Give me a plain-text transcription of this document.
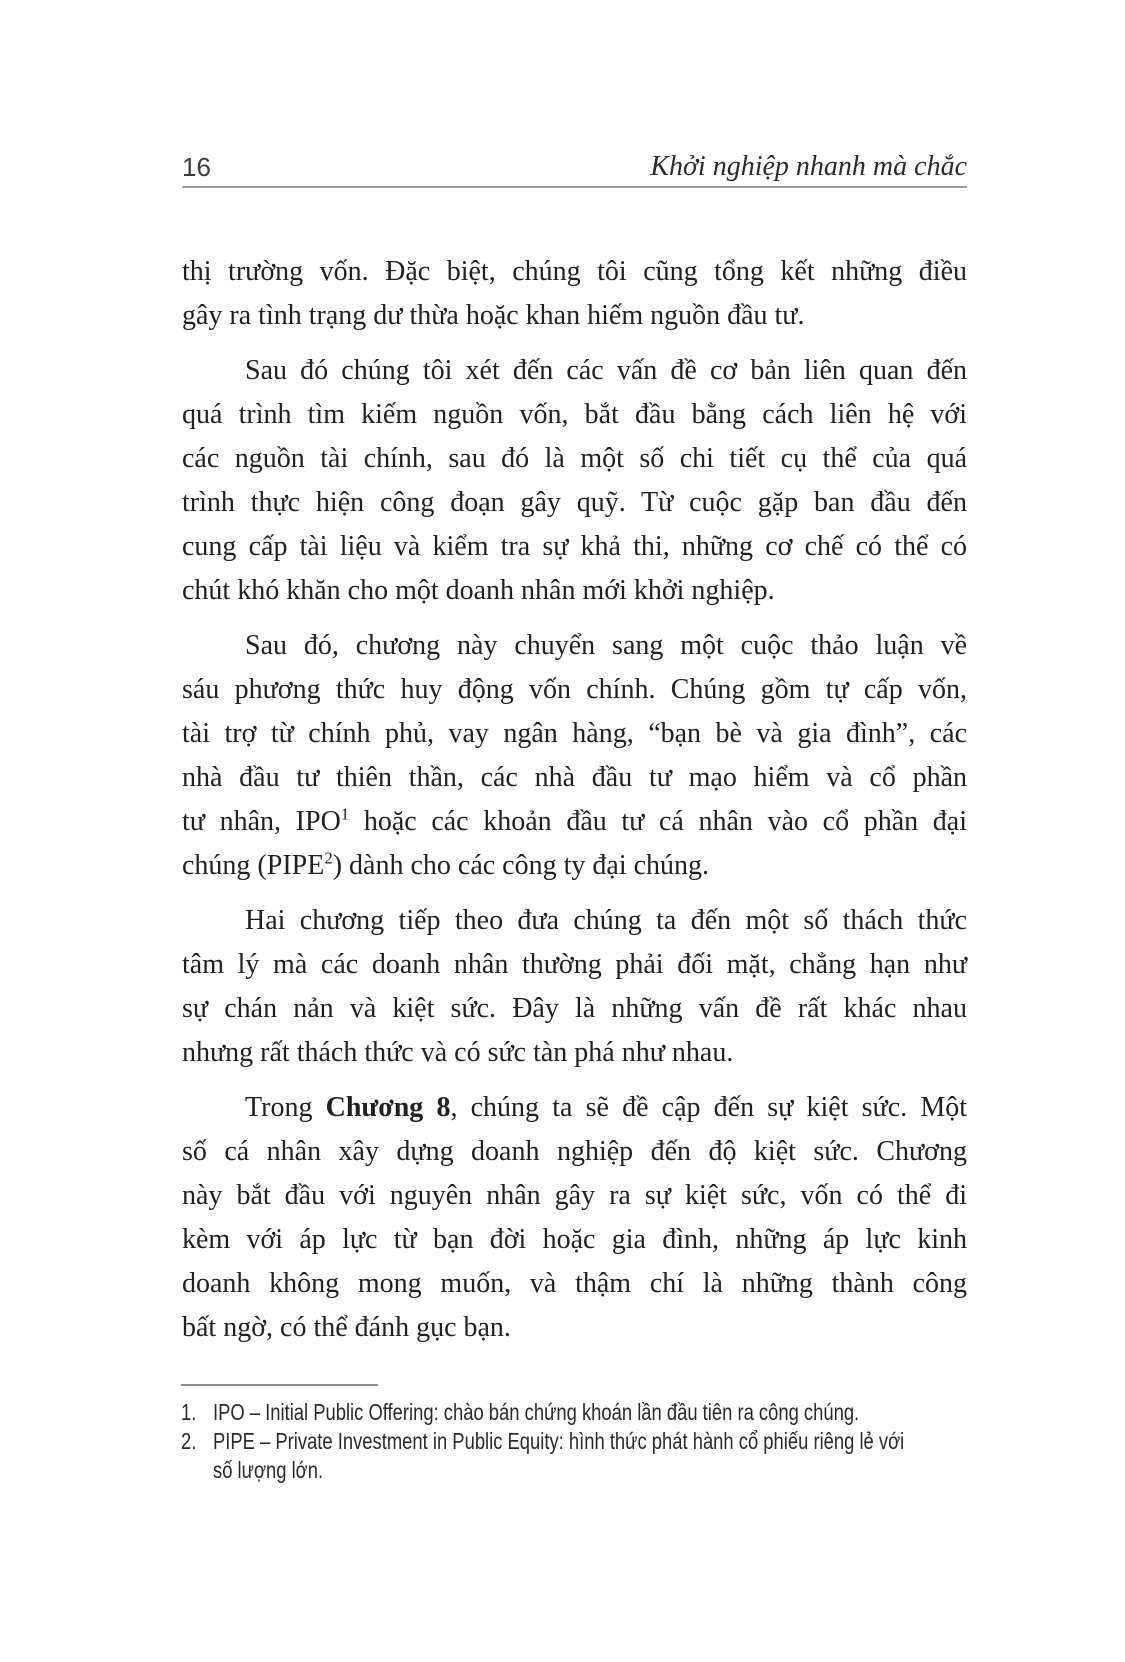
16	Khởi nghiệp nhanh mà chắc

thị trường vốn. Đặc biệt, chúng tôi cũng tổng kết những điều
gây ra tình trạng dư thừa hoặc khan hiếm nguồn đầu tư.

Sau đó chúng tôi xét đến các vấn đề cơ bản liên quan đến
quá trình tìm kiếm nguồn vốn, bắt đầu bằng cách liên hệ với
các nguồn tài chính, sau đó là một số chi tiết cụ thể của quá
trình thực hiện công đoạn gây quỹ. Từ cuộc gặp ban đầu đến
cung cấp tài liệu và kiểm tra sự khả thi, những cơ chế có thể có
chút khó khăn cho một doanh nhân mới khởi nghiệp.

Sau đó, chương này chuyển sang một cuộc thảo luận về
sáu phương thức huy động vốn chính. Chúng gồm tự cấp vốn,
tài trợ từ chính phủ, vay ngân hàng, “bạn bè và gia đình”, các
nhà đầu tư thiên thần, các nhà đầu tư mạo hiểm và cổ phần
tư nhân, IPO$^1$ hoặc các khoản đầu tư cá nhân vào cổ phần đại
chúng (PIPE$^2$) dành cho các công ty đại chúng.

Hai chương tiếp theo đưa chúng ta đến một số thách thức
tâm lý mà các doanh nhân thường phải đối mặt, chẳng hạn như
sự chán nản và kiệt sức. Đây là những vấn đề rất khác nhau
nhưng rất thách thức và có sức tàn phá như nhau.

Trong Chương 8, chúng ta sẽ đề cập đến sự kiệt sức. Một
số cá nhân xây dựng doanh nghiệp đến độ kiệt sức. Chương
này bắt đầu với nguyên nhân gây ra sự kiệt sức, vốn có thể đi
kèm với áp lực từ bạn đời hoặc gia đình, những áp lực kinh
doanh không mong muốn, và thậm chí là những thành công
bất ngờ, có thể đánh gục bạn.

1. IPO – Initial Public Offering: chào bán chứng khoán lần đầu tiên ra công chúng.
2. PIPE – Private Investment in Public Equity: hình thức phát hành cổ phiếu riêng lẻ với
số lượng lớn.
